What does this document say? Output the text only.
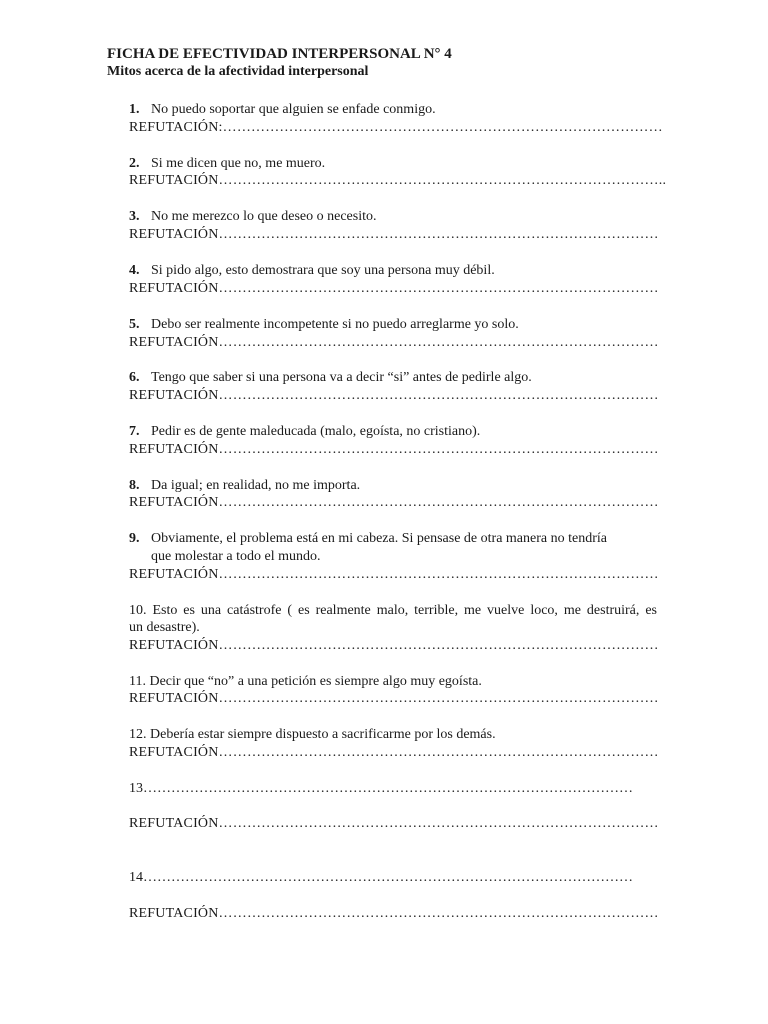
FICHA DE EFECTIVIDAD INTERPERSONAL N° 4
Mitos acerca de la afectividad interpersonal
1. No puedo soportar que alguien se enfade conmigo.
REFUTACIÓN:…………………………………………………………………………………
2. Si me dicen que no, me muero.
REFUTACIÓN…………………………………………………………………………………..
3. No me merezco lo que deseo o necesito.
REFUTACIÓN…………………………………………………………………………………
4. Si pido algo, esto demostrara que soy una persona muy débil.
REFUTACIÓN…………………………………………………………………………………
5. Debo ser realmente incompetente si no puedo arreglarme yo solo.
REFUTACIÓN…………………………………………………………………………………
6. Tengo que saber si una persona va a decir “si” antes de pedirle algo.
REFUTACIÓN…………………………………………………………………………………
7. Pedir es de gente maleducada (malo, egoísta, no cristiano).
REFUTACIÓN…………………………………………………………………………………
8. Da igual; en realidad, no me importa.
REFUTACIÓN…………………………………………………………………………………
9. Obviamente, el problema está en mi cabeza. Si pensase de otra manera no tendría
que molestar a todo el mundo.
REFUTACIÓN…………………………………………………………………………………
10. Esto es una catástrofe ( es realmente malo, terrible, me vuelve loco, me destruirá, es
un desastre).
REFUTACIÓN…………………………………………………………………………………
11. Decir que “no” a una petición es siempre algo muy egoísta.
REFUTACIÓN…………………………………………………………………………………
12. Debería estar siempre dispuesto a sacrificarme por los demás.
REFUTACIÓN…………………………………………………………………………………
13……………………………………………………………………………………………
REFUTACIÓN…………………………………………………………………………………
14……………………………………………………………………………………………
REFUTACIÓN…………………………………………………………………………………
